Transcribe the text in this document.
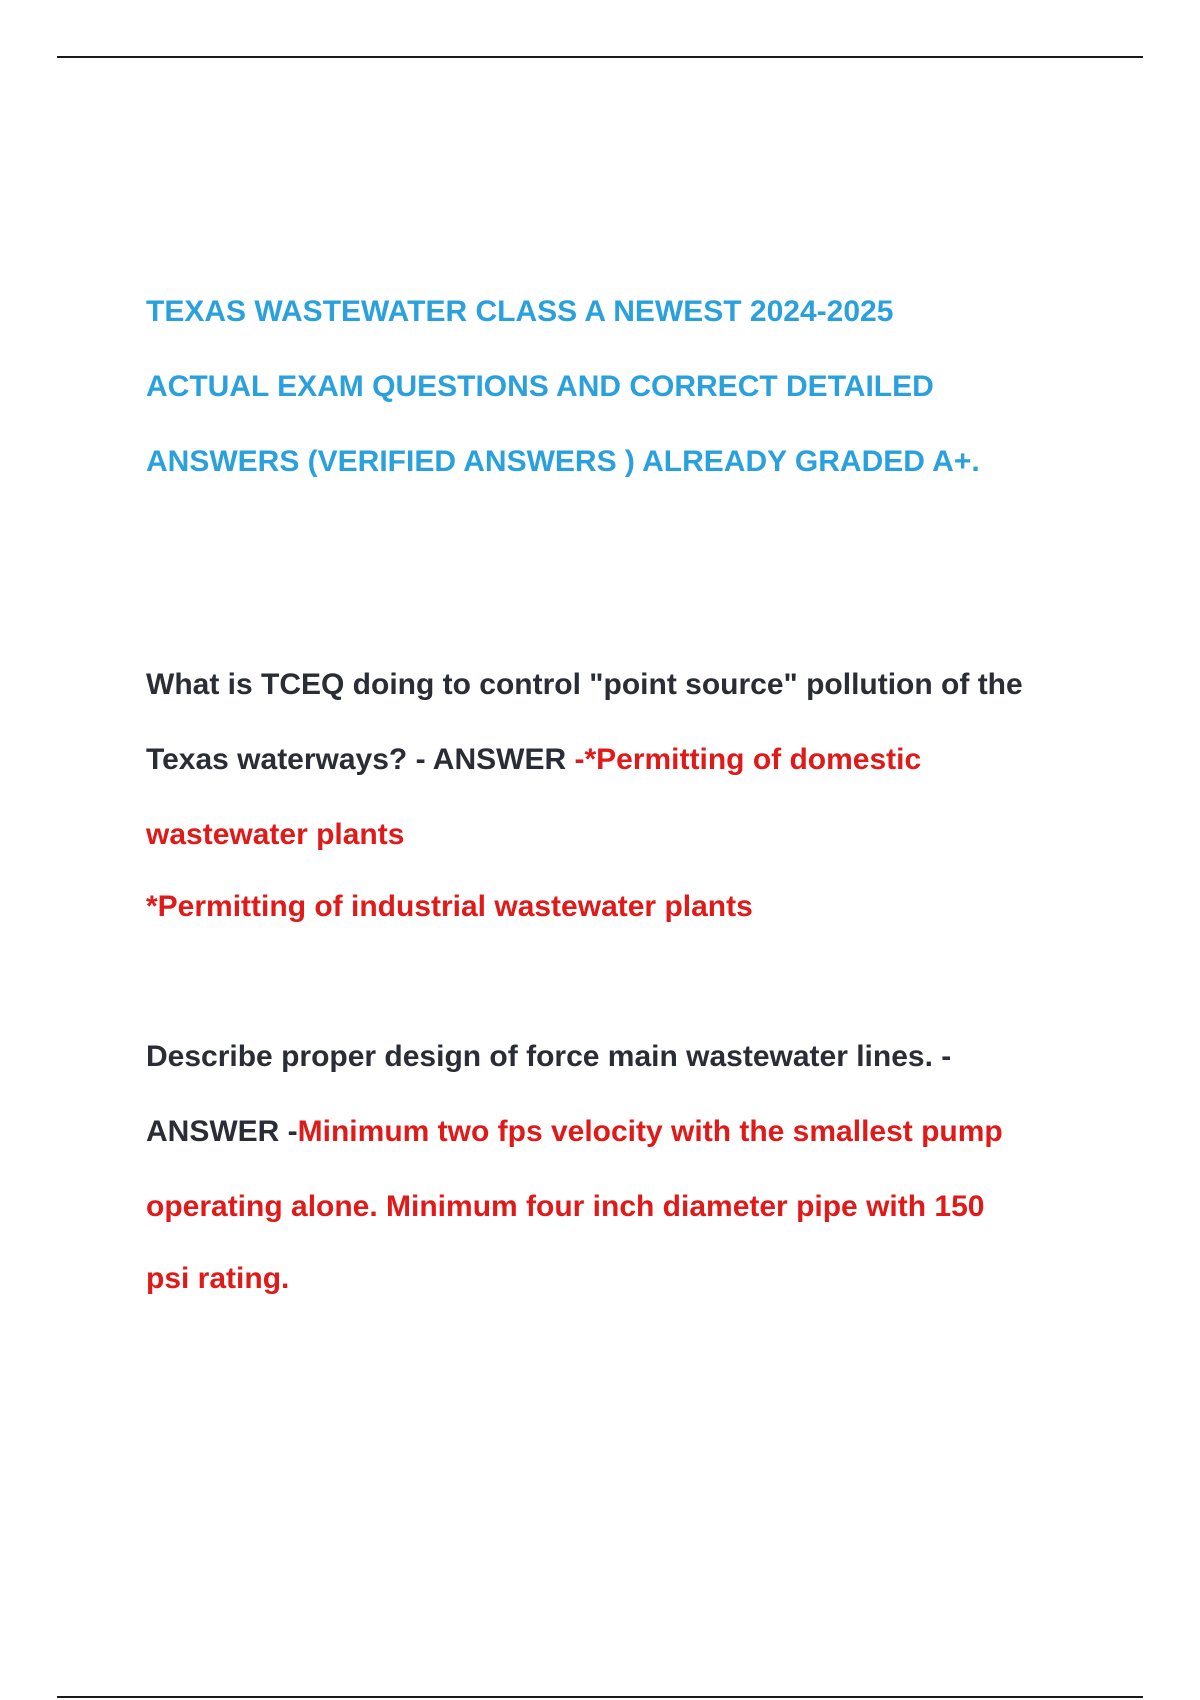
TEXAS WASTEWATER CLASS A NEWEST 2024-2025
ACTUAL EXAM QUESTIONS AND CORRECT DETAILED
ANSWERS (VERIFIED ANSWERS ) ALREADY GRADED A+.
What is TCEQ doing to control "point source" pollution of the
Texas waterways? - ANSWER -*Permitting of domestic
wastewater plants
*Permitting of industrial wastewater plants
Describe proper design of force main wastewater lines. -
ANSWER -Minimum two fps velocity with the smallest pump
operating alone. Minimum four inch diameter pipe with 150
psi rating.
